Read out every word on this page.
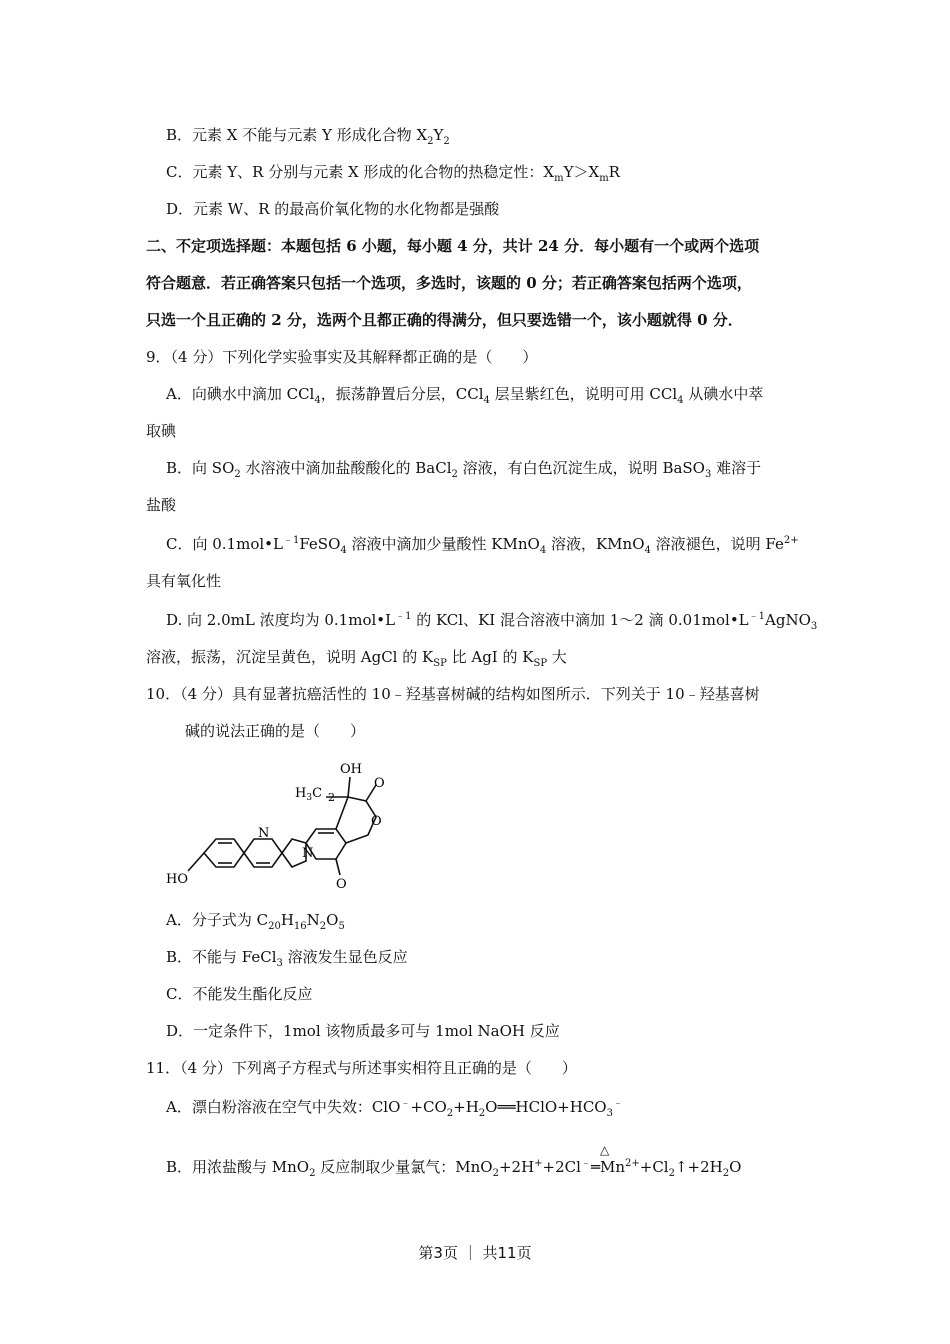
B．元素 X 不能与元素 Y 形成化合物 $X_2Y_2$
C．元素 Y、R 分别与元素 X 形成的化合物的热稳定性：$X_mY>X_mR$
D．元素 W、R 的最高价氧化物的水化物都是强酸
二、不定项选择题：本题包括 6 小题，每小题 4 分，共计 24 分．每小题有一个或两个选项
符合题意．若正确答案只包括一个选项，多选时，该题的 0 分；若正确答案包括两个选项，
只选一个且正确的 2 分，选两个且都正确的得满分，但只要选错一个，该小题就得 0 分．
9．（4 分）下列化学实验事实及其解释都正确的是（　　）
A．向碘水中滴加 CCl$_4$，振荡静置后分层，CCl$_4$ 层呈紫红色，说明可用 CCl$_4$ 从碘水中萃
取碘
B．向 $SO_2$ 水溶液中滴加盐酸酸化的 BaCl$_2$ 溶液，有白色沉淀生成，说明 BaSO$_3$ 难溶于
盐酸
C．向 $0.1mol•L^{﹣1}FeSO_4$ 溶液中滴加少量酸性 KMnO$_4$ 溶液，KMnO$_4$ 溶液褪色，说明 $Fe^{2+}$
具有氧化性
D. 向 2.0mL 浓度均为 $0.1mol•L^{﹣1}$ 的 KCl、KI 混合溶液中滴加 1～2 滴 $0.01mol•L^{﹣1}AgNO_3$
溶液，振荡，沉淀呈黄色，说明 AgCl 的 $K_{SP}$ 比 AgI 的 $K_{SP}$ 大
10．（4 分）具有显著抗癌活性的 10﹣羟基喜树碱的结构如图所示．下列关于 10﹣羟基喜树
碱的说法正确的是（　　）
OH
O
O
O
$H_3C$ $_2$
N
N
HO
A．分子式为 $C_{20}H_{16}N_2O_5$
B．不能与 FeCl$_3$ 溶液发生显色反应
C．不能发生酯化反应
D．一定条件下，1mol 该物质最多可与 1mol NaOH 反应
11．（4 分）下列离子方程式与所述事实相符且正确的是（　　）
A．漂白粉溶液在空气中失效：$ClO^﹣+CO_2+H_2O══HClO+HCO_3^﹣$
△
B．用浓盐酸与 MnO$_2$ 反应制取少量氯气：$MnO_2+2H^++2Cl^﹣═Mn^{2+}+Cl_2↑+2H_2O$
第3页 ｜ 共11页
